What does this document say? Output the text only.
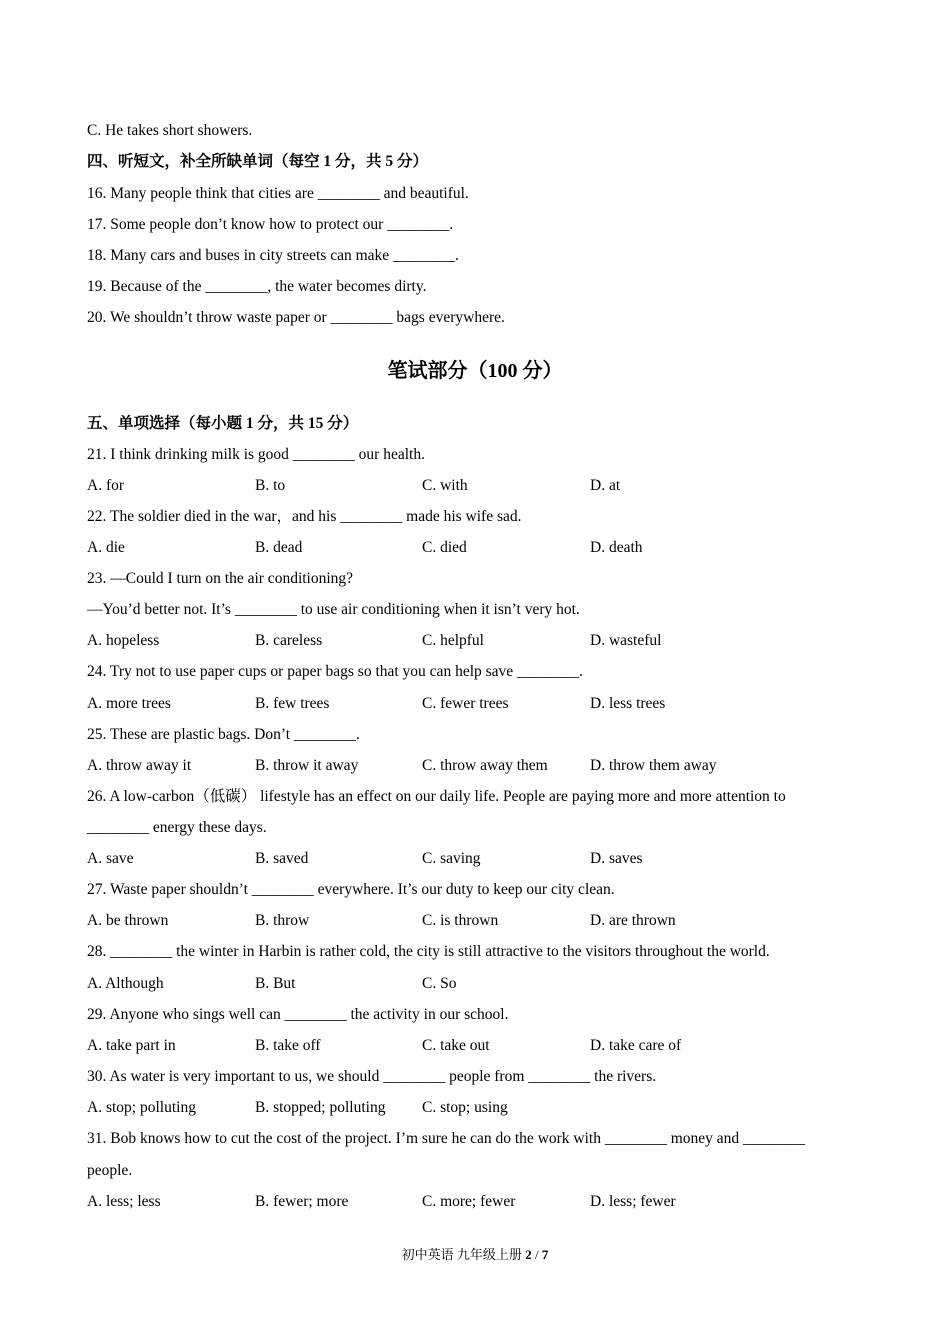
C. He takes short showers.
四、听短文，补全所缺单词（每空 1 分，共 5 分）
16. Many people think that cities are ________ and beautiful.
17. Some people don’t know how to protect our ________.
18. Many cars and buses in city streets can make ________.
19. Because of the ________, the water becomes dirty.
20. We shouldn’t throw waste paper or ________ bags everywhere.
笔试部分（100 分）
五、单项选择（每小题 1 分，共 15 分）
21. I think drinking milk is good ________ our health.
A. for	B. to	C. with	D. at
22. The soldier died in the war，and his ________ made his wife sad.
A. die	B. dead	C. died	D. death
23. —Could I turn on the air conditioning?
—You’d better not. It’s ________ to use air conditioning when it isn’t very hot.
A. hopeless	B. careless	C. helpful	D. wasteful
24. Try not to use paper cups or paper bags so that you can help save ________.
A. more trees	B. few trees	C. fewer trees	D. less trees
25. These are plastic bags. Don’t ________.
A. throw away it	B. throw it away	C. throw away them	D. throw them away
26. A low-carbon（低碳） lifestyle has an effect on our daily life. People are paying more and more attention to
________ energy these days.
A. save	B. saved	C. saving	D. saves
27. Waste paper shouldn’t ________ everywhere. It’s our duty to keep our city clean.
A. be thrown	B. throw	C. is thrown	D. are thrown
28. ________ the winter in Harbin is rather cold, the city is still attractive to the visitors throughout the world.
A. Although	B. But	C. So
29. Anyone who sings well can ________ the activity in our school.
A. take part in	B. take off	C. take out	D. take care of
30. As water is very important to us, we should ________ people from ________ the rivers.
A. stop; polluting	B. stopped; polluting C. stop; using
31. Bob knows how to cut the cost of the project. I’m sure he can do the work with ________ money and ________
people.
A. less; less	B. fewer; more	C. more; fewer	D. less; fewer
初中英语 九年级上册 2 / 7
